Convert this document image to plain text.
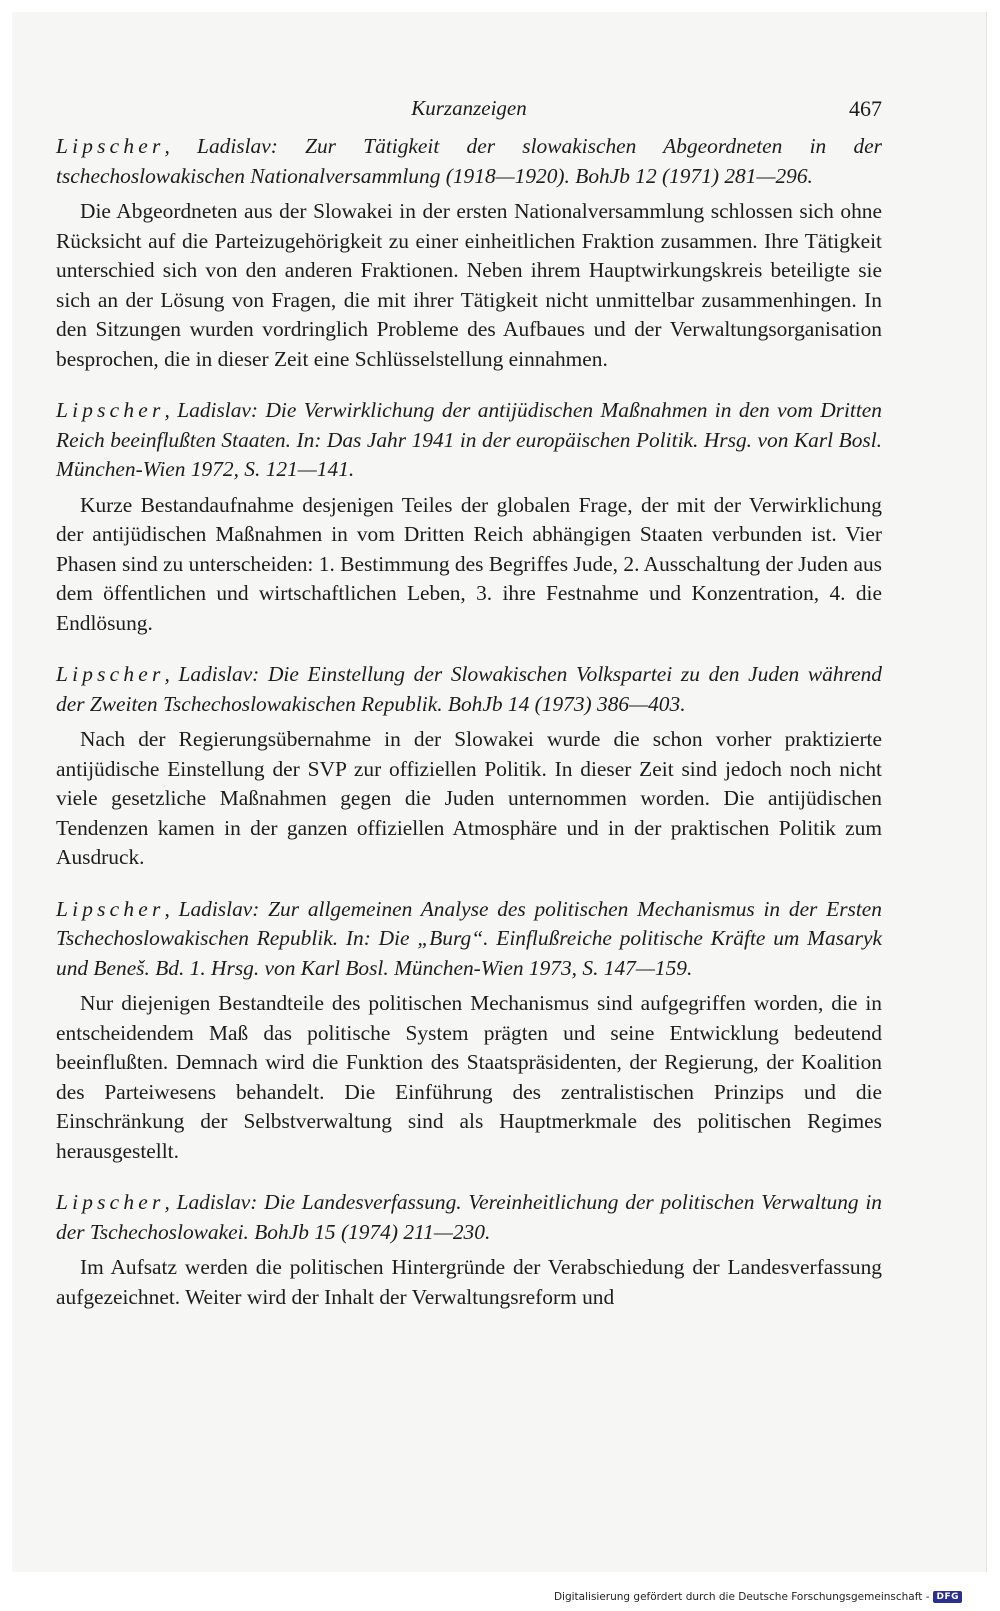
Kurzanzeigen	467

Lipscher, Ladislav: Zur Tätigkeit der slowakischen Abgeordneten in der tschechoslowakischen Nationalversammlung (1918—1920). BohJb 12 (1971) 281—296.

Die Abgeordneten aus der Slowakei in der ersten Nationalversammlung schlossen sich ohne Rücksicht auf die Parteizugehörigkeit zu einer einheitlichen Fraktion zusammen. Ihre Tätigkeit unterschied sich von den anderen Fraktionen. Neben ihrem Hauptwirkungskreis beteiligte sie sich an der Lösung von Fragen, die mit ihrer Tätigkeit nicht unmittelbar zusammenhingen. In den Sitzungen wurden vordringlich Probleme des Aufbaues und der Verwaltungsorganisation besprochen, die in dieser Zeit eine Schlüsselstellung einnahmen.

Lipscher, Ladislav: Die Verwirklichung der antijüdischen Maßnahmen in den vom Dritten Reich beeinflußten Staaten. In: Das Jahr 1941 in der europäischen Politik. Hrsg. von Karl Bosl. München-Wien 1972, S. 121—141.

Kurze Bestandaufnahme desjenigen Teiles der globalen Frage, der mit der Verwirklichung der antijüdischen Maßnahmen in vom Dritten Reich abhängigen Staaten verbunden ist. Vier Phasen sind zu unterscheiden: 1. Bestimmung des Begriffes Jude, 2. Ausschaltung der Juden aus dem öffentlichen und wirtschaftlichen Leben, 3. ihre Festnahme und Konzentration, 4. die Endlösung.

Lipscher, Ladislav: Die Einstellung der Slowakischen Volkspartei zu den Juden während der Zweiten Tschechoslowakischen Republik. BohJb 14 (1973) 386—403.

Nach der Regierungsübernahme in der Slowakei wurde die schon vorher praktizierte antijüdische Einstellung der SVP zur offiziellen Politik. In dieser Zeit sind jedoch noch nicht viele gesetzliche Maßnahmen gegen die Juden unternommen worden. Die antijüdischen Tendenzen kamen in der ganzen offiziellen Atmosphäre und in der praktischen Politik zum Ausdruck.

Lipscher, Ladislav: Zur allgemeinen Analyse des politischen Mechanismus in der Ersten Tschechoslowakischen Republik. In: Die „Burg“. Einflußreiche politische Kräfte um Masaryk und Beneš. Bd. 1. Hrsg. von Karl Bosl. München-Wien 1973, S. 147—159.

Nur diejenigen Bestandteile des politischen Mechanismus sind aufgegriffen worden, die in entscheidendem Maß das politische System prägten und seine Entwicklung bedeutend beeinflußten. Demnach wird die Funktion des Staatspräsidenten, der Regierung, der Koalition des Parteiwesens behandelt. Die Einführung des zentralistischen Prinzips und die Einschränkung der Selbstverwaltung sind als Hauptmerkmale des politischen Regimes herausgestellt.

Lipscher, Ladislav: Die Landesverfassung. Vereinheitlichung der politischen Verwaltung in der Tschechoslowakei. BohJb 15 (1974) 211—230.

Im Aufsatz werden die politischen Hintergründe der Verabschiedung der Landesverfassung aufgezeichnet. Weiter wird der Inhalt der Verwaltungsreform und

Digitalisierung gefördert durch die Deutsche Forschungsgemeinschaft - DFG
